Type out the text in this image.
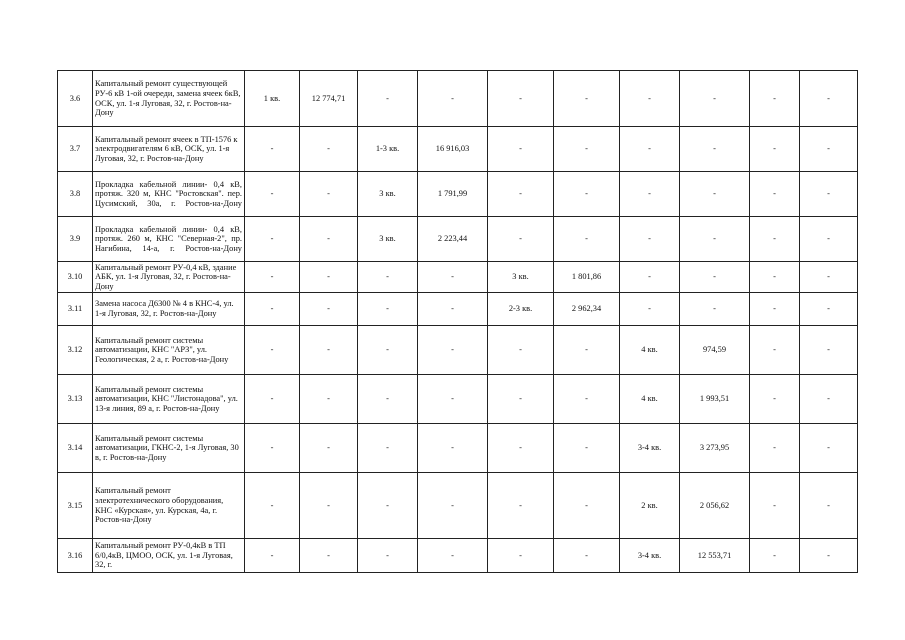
3.6	Капитальный ремонт существующей РУ-6 кВ 1-ой очереди, замена ячеек 6кВ, ОСК, ул. 1-я Луговая, 32, г. Ростов-на-Дону	1 кв.	12 774,71	-	-	-	-	-	-	-	-
3.7	Капитальный ремонт ячеек в ТП-1576 к электродвигателям 6 кВ, ОСК, ул. 1-я Луговая, 32, г. Ростов-на-Дону	-	-	1-3 кв.	16 916,03	-	-	-	-	-	-
3.8	Прокладка кабельной линии- 0,4 кВ, протяж. 320 м, КНС "Ростовская". пер. Цусимский, 30а, г. Ростов-на-Дону	-	-	3 кв.	1 791,99	-	-	-	-	-	-
3.9	Прокладка кабельной линии- 0,4 кВ, протяж. 260 м, КНС "Северная-2", пр. Нагибина, 14-а, г. Ростов-на-Дону	-	-	3 кв.	2 223,44	-	-	-	-	-	-
3.10	Капитальный ремонт РУ-0,4 кВ, здание АБК, ул. 1-я Луговая, 32, г. Ростов-на-Дону	-	-	-	-	3 кв.	1 801,86	-	-	-	-
3.11	Замена насоса Д6300 № 4 в КНС-4, ул. 1-я Луговая, 32, г. Ростов-на-Дону	-	-	-	-	2-3 кв.	2 962,34	-	-	-	-
3.12	Капитальный ремонт системы автоматизации, КНС "АРЗ", ул. Геологическая, 2 а, г. Ростов-на-Дону	-	-	-	-	-	-	4 кв.	974,59	-	-
3.13	Капитальный ремонт системы автоматизации, КНС "Листонадова", ул. 13-я линия, 89 а, г. Ростов-на-Дону	-	-	-	-	-	-	4 кв.	1 993,51	-	-
3.14	Капитальный ремонт системы автоматизации, ГКНС-2, 1-я Луговая, 30 в, г. Ростов-на-Дону	-	-	-	-	-	-	3-4 кв.	3 273,95	-	-
3.15	Капитальный ремонт электротехнического оборудования, КНС «Курская», ул. Курская, 4а, г. Ростов-на-Дону	-	-	-	-	-	-	2 кв.	2 056,62	-	-
3.16	Капитальный ремонт РУ-0,4кВ в ТП 6/0,4кВ, ЦМОО, ОСК, ул. 1-я Луговая, 32, г.	-	-	-	-	-	-	3-4 кв.	12 553,71	-	-
